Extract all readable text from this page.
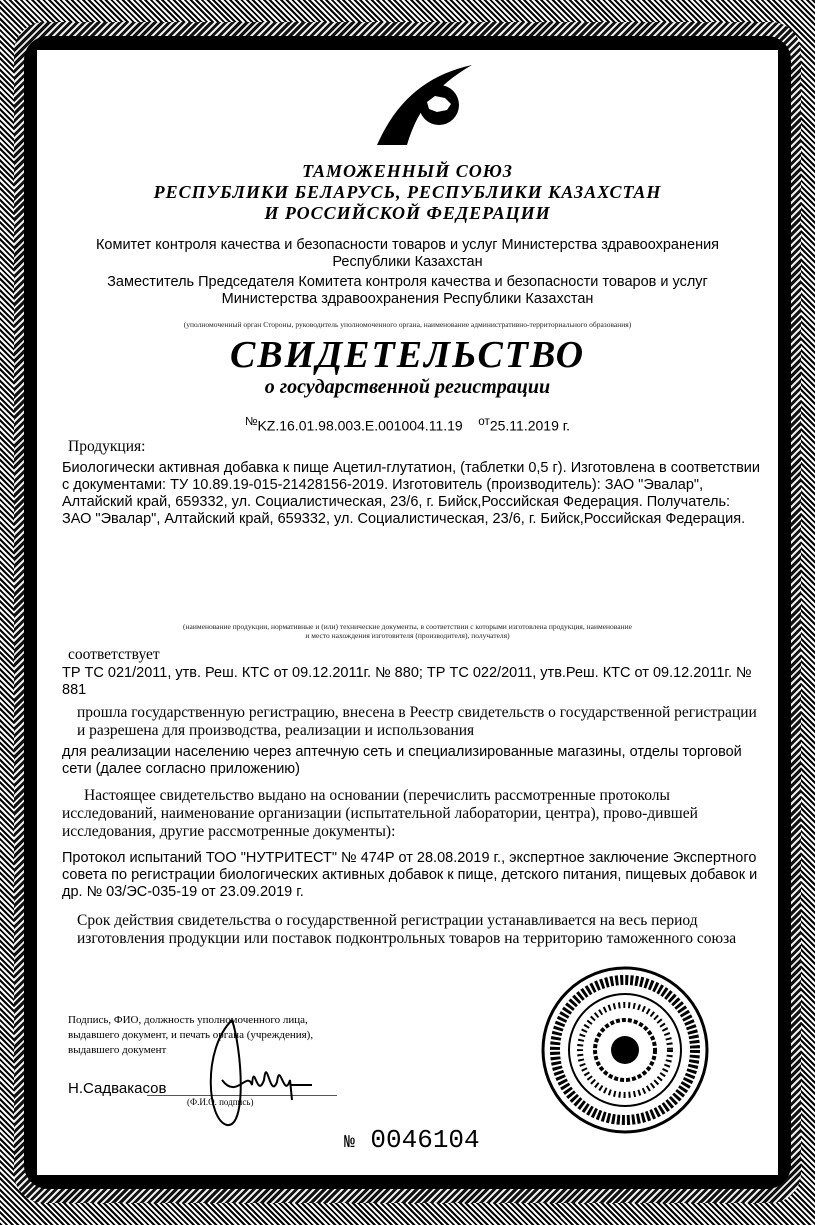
ТАМОЖЕННЫЙ СОЮЗ
РЕСПУБЛИКИ БЕЛАРУСЬ, РЕСПУБЛИКИ КАЗАХСТАН
И РОССИЙСКОЙ ФЕДЕРАЦИИ
Комитет контроля качества и безопасности товаров и услуг Министерства здравоохранения
Республики Казахстан
Заместитель Председателя Комитета контроля качества и безопасности товаров и услуг
Министерства здравоохранения Республики Казахстан
(уполномоченный орган Стороны, руководитель уполномоченного органа, наименование административно-территориального образования)
СВИДЕТЕЛЬСТВО
о государственной регистрации
№KZ.16.01.98.003.E.001004.11.19 $^{от}$25.11.2019 г.
Продукция:
Биологически активная добавка к пище Ацетил-глутатион, (таблетки 0,5 г). Изготовлена в соответствии с документами: ТУ 10.89.19-015-21428156-2019. Изготовитель (производитель): ЗАО "Эвалар", Алтайский край, 659332, ул. Социалистическая, 23/6, г. Бийск,Российская Федерация. Получатель: ЗАО "Эвалар", Алтайский край, 659332, ул. Социалистическая, 23/6, г. Бийск,Российская Федерация.
(наименование продукции, нормативные и (или) технические документы, в соответствии с которыми изготовлена продукция, наименование
и место нахождения изготовителя (производителя), получателя)
соответствует
ТР ТС 021/2011, утв. Реш. КТС от 09.12.2011г. № 880; ТР ТС 022/2011, утв.Реш. КТС от 09.12.2011г. № 881
прошла государственную регистрацию, внесена в Реестр свидетельств о государственной регистрации и разрешена для производства, реализации и использования
для реализации населению через аптечную сеть и специализированные магазины, отделы торговой сети (далее согласно приложению)
Настоящее свидетельство выдано на основании (перечислить рассмотренные протоколы исследований, наименование организации (испытательной лаборатории, центра), прово-дившей исследования, другие рассмотренные документы):
Протокол испытаний ТОО "НУТРИТЕСТ" № 474Р от 28.08.2019 г., экспертное заключение Экспертного совета по регистрации биологических активных добавок к пище, детского питания, пищевых добавок и др. № 03/ЭС-035-19 от 23.09.2019 г.
Срок действия свидетельства о государственной регистрации устанавливается на весь период изготовления продукции или поставок подконтрольных товаров на территорию таможенного союза
Подпись, ФИО, должность уполномоченного лица, выдавшего документ, и печать органа (учреждения), выдавшего документ
Н.Садвакасов
(Ф.И.О. подпись)
№ 0046104
